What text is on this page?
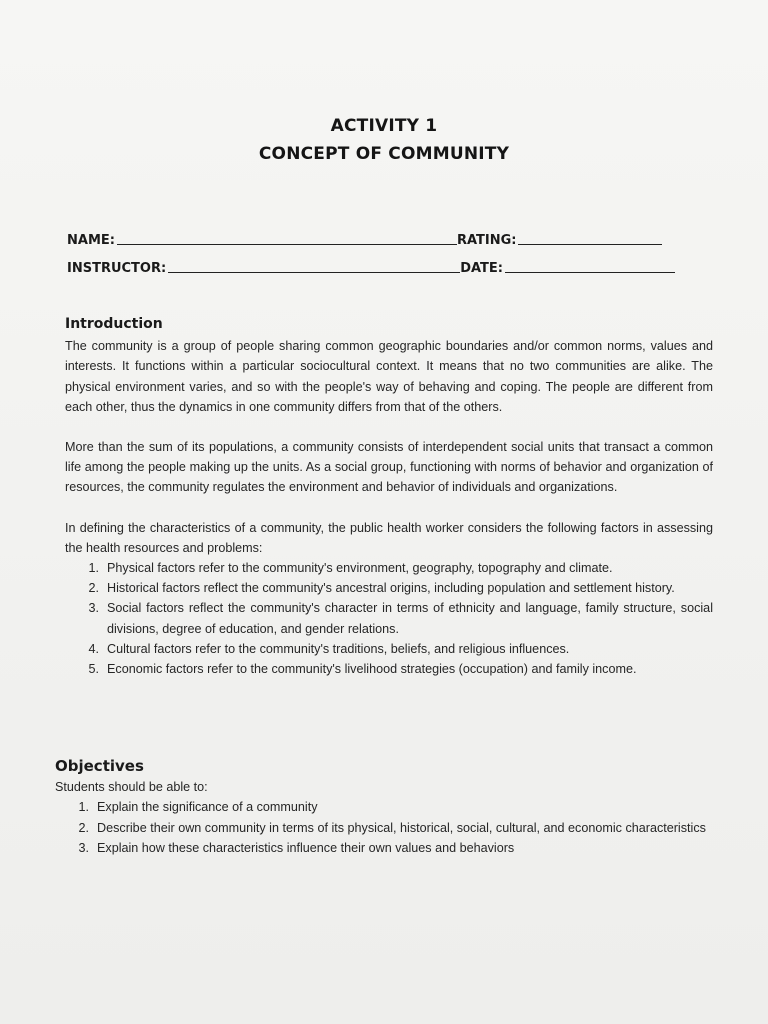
ACTIVITY 1
CONCEPT OF COMMUNITY
NAME:	RATING:
INSTRUCTOR:	DATE:
Introduction

The community is a group of people sharing common geographic boundaries and/or common norms, values and interests. It functions within a particular sociocultural context. It means that no two communities are alike. The physical environment varies, and so with the people's way of behaving and coping. The people are different from each other, thus the dynamics in one community differs from that of the others.

More than the sum of its populations, a community consists of interdependent social units that transact a common life among the people making up the units. As a social group, functioning with norms of behavior and organization of resources, the community regulates the environment and behavior of individuals and organizations.

In defining the characteristics of a community, the public health worker considers the following factors in assessing the health resources and problems:

1. Physical factors refer to the community's environment, geography, topography and climate.
2. Historical factors reflect the community's ancestral origins, including population and settlement history.
3. Social factors reflect the community's character in terms of ethnicity and language, family structure, social divisions, degree of education, and gender relations.
4. Cultural factors refer to the community's traditions, beliefs, and religious influences.
5. Economic factors refer to the community's livelihood strategies (occupation) and family income.
Objectives
Students should be able to:
1. Explain the significance of a community
2. Describe their own community in terms of its physical, historical, social, cultural, and economic characteristics
3. Explain how these characteristics influence their own values and behaviors
